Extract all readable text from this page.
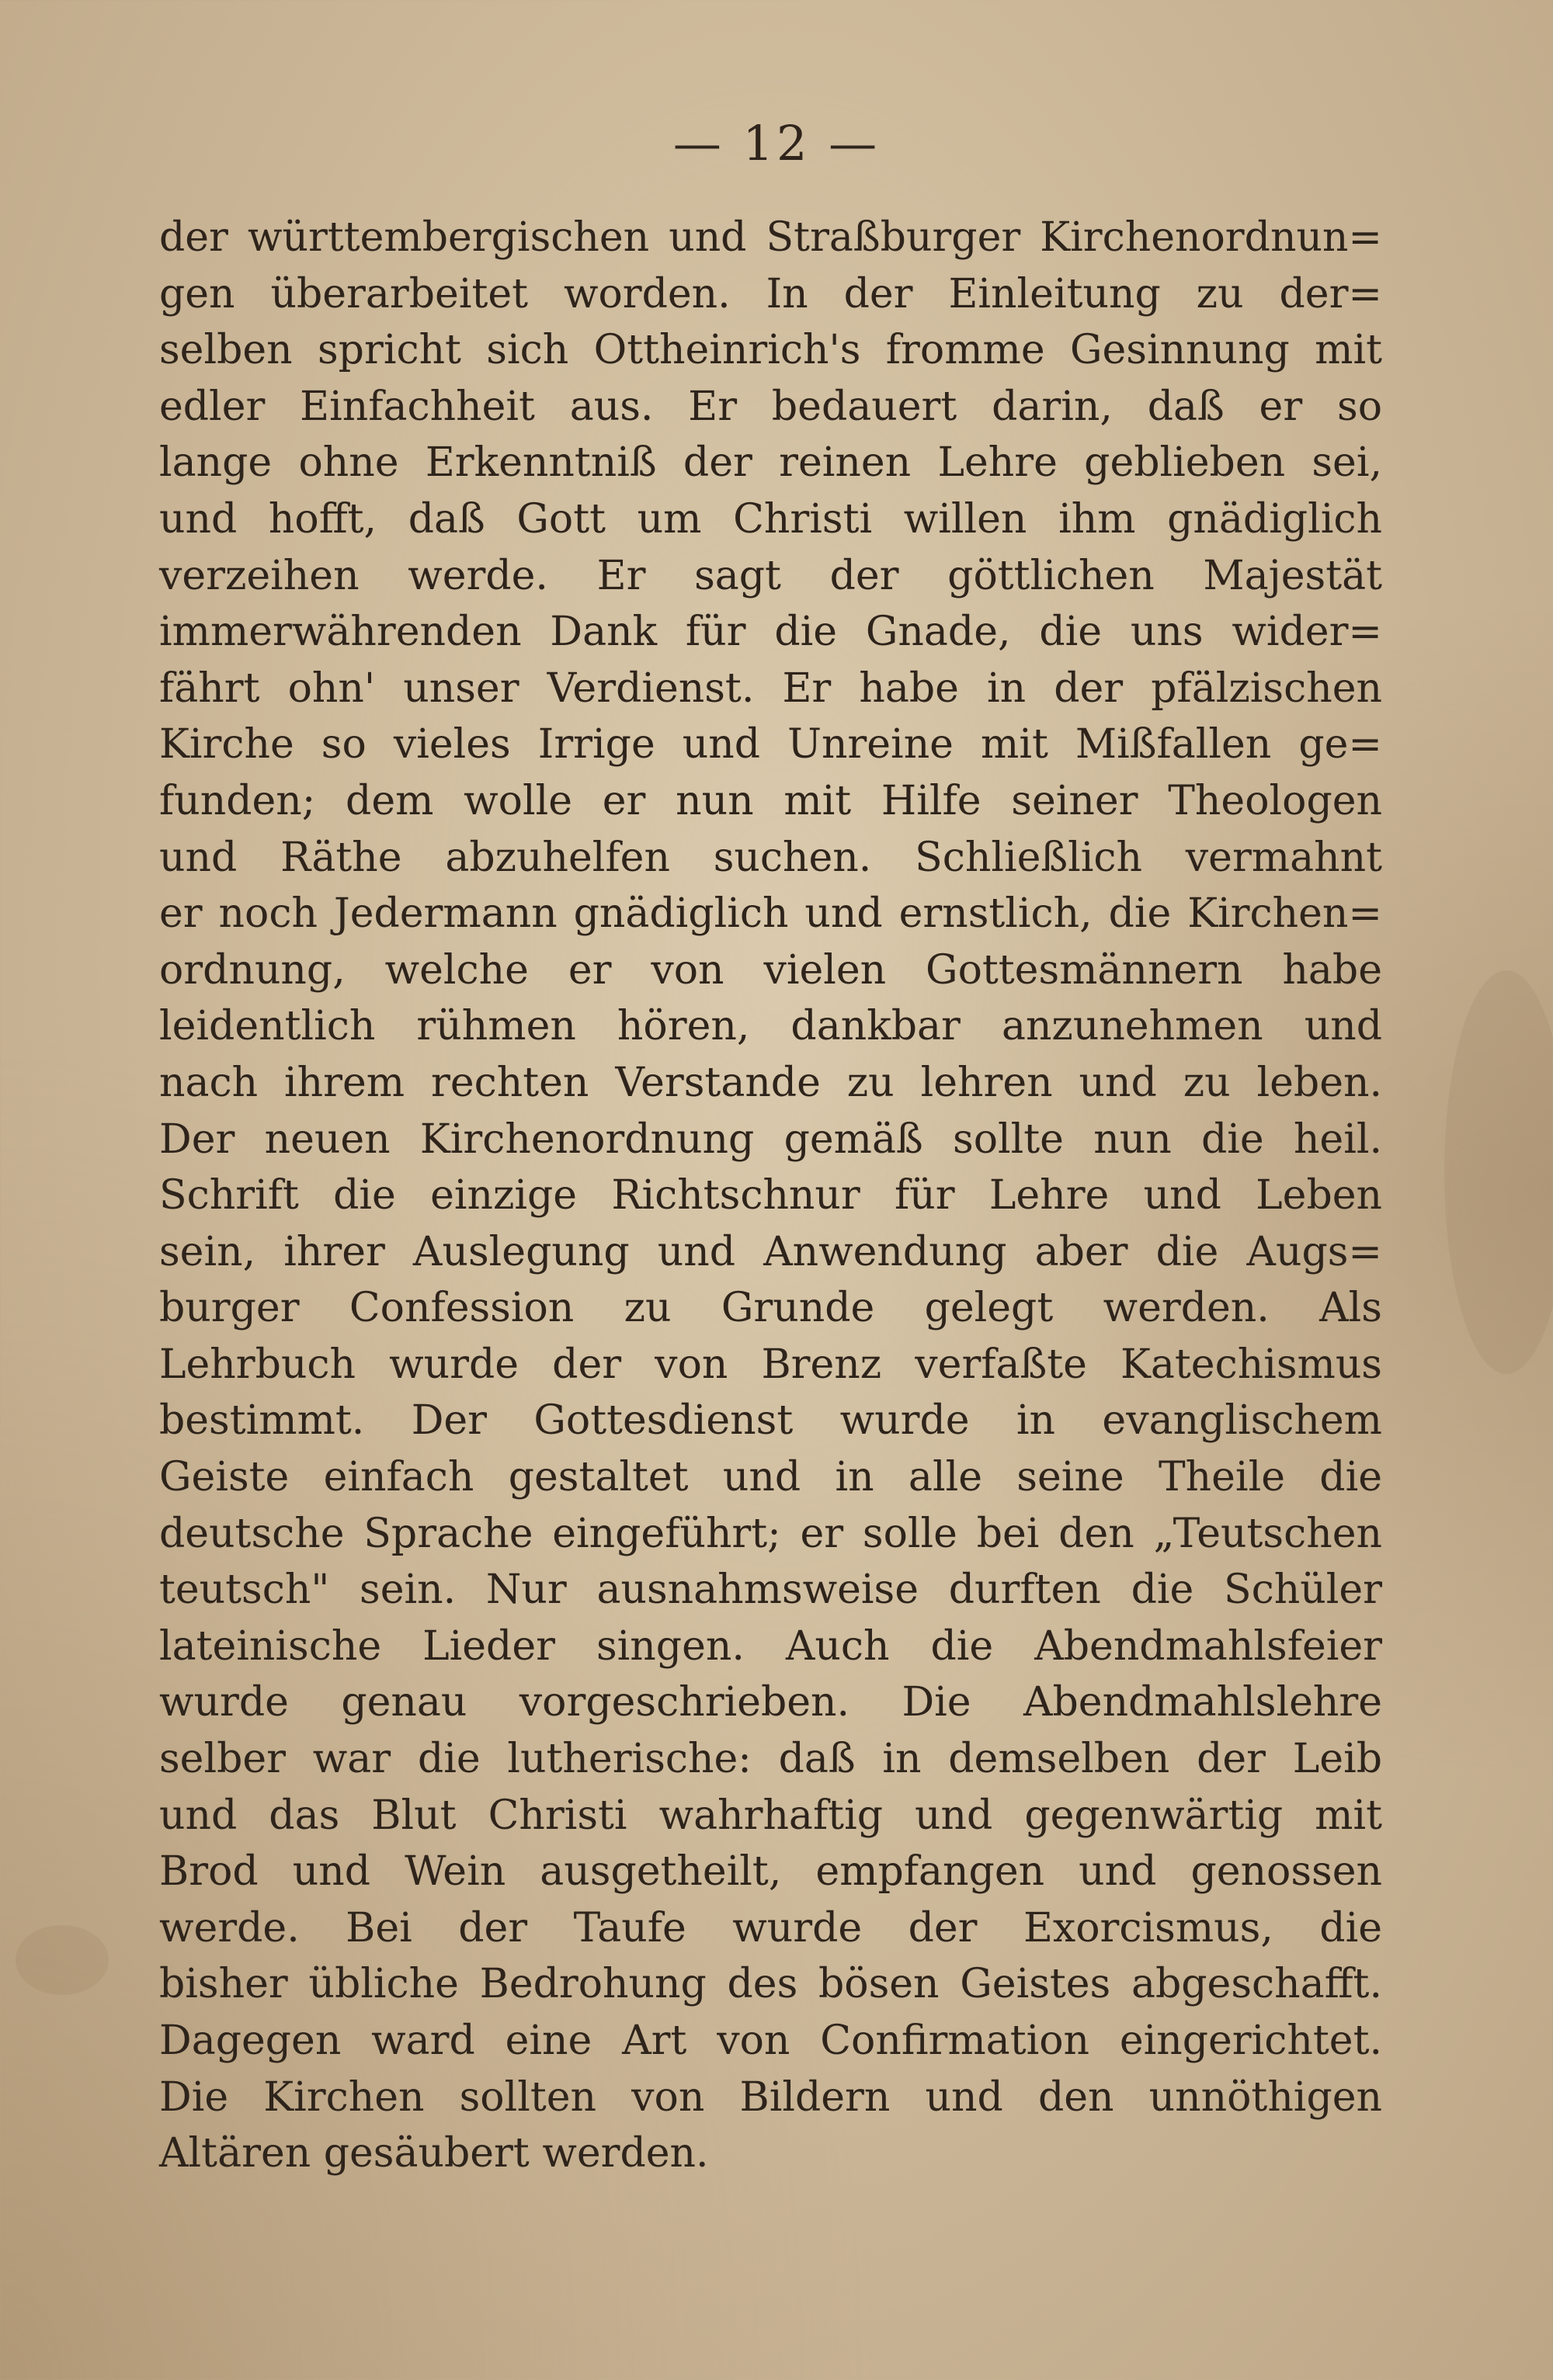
— 12 —
der württembergischen und Straßburger Kirchenordnun=
gen überarbeitet worden. In der Einleitung zu der=
selben spricht sich Ottheinrich's fromme Gesinnung mit
edler Einfachheit aus. Er bedauert darin, daß er so
lange ohne Erkenntniß der reinen Lehre geblieben sei,
und hofft, daß Gott um Christi willen ihm gnädiglich
verzeihen werde. Er sagt der göttlichen Majestät
immerwährenden Dank für die Gnade, die uns wider=
fährt ohn' unser Verdienst. Er habe in der pfälzischen
Kirche so vieles Irrige und Unreine mit Mißfallen ge=
funden; dem wolle er nun mit Hilfe seiner Theologen
und Räthe abzuhelfen suchen. Schließlich vermahnt
er noch Jedermann gnädiglich und ernstlich, die Kirchen=
ordnung, welche er von vielen Gottesmännern habe
leidentlich rühmen hören, dankbar anzunehmen und
nach ihrem rechten Verstande zu lehren und zu leben.
Der neuen Kirchenordnung gemäß sollte nun die heil.
Schrift die einzige Richtschnur für Lehre und Leben
sein, ihrer Auslegung und Anwendung aber die Augs=
burger Confession zu Grunde gelegt werden. Als
Lehrbuch wurde der von Brenz verfaßte Katechismus
bestimmt. Der Gottesdienst wurde in evanglischem
Geiste einfach gestaltet und in alle seine Theile die
deutsche Sprache eingeführt; er solle bei den „Teutschen
teutsch" sein. Nur ausnahmsweise durften die Schüler
lateinische Lieder singen. Auch die Abendmahlsfeier
wurde genau vorgeschrieben. Die Abendmahlslehre
selber war die lutherische: daß in demselben der Leib
und das Blut Christi wahrhaftig und gegenwärtig mit
Brod und Wein ausgetheilt, empfangen und genossen
werde. Bei der Taufe wurde der Exorcismus, die
bisher übliche Bedrohung des bösen Geistes abgeschafft.
Dagegen ward eine Art von Confirmation eingerichtet.
Die Kirchen sollten von Bildern und den unnöthigen
Altären gesäubert werden.
